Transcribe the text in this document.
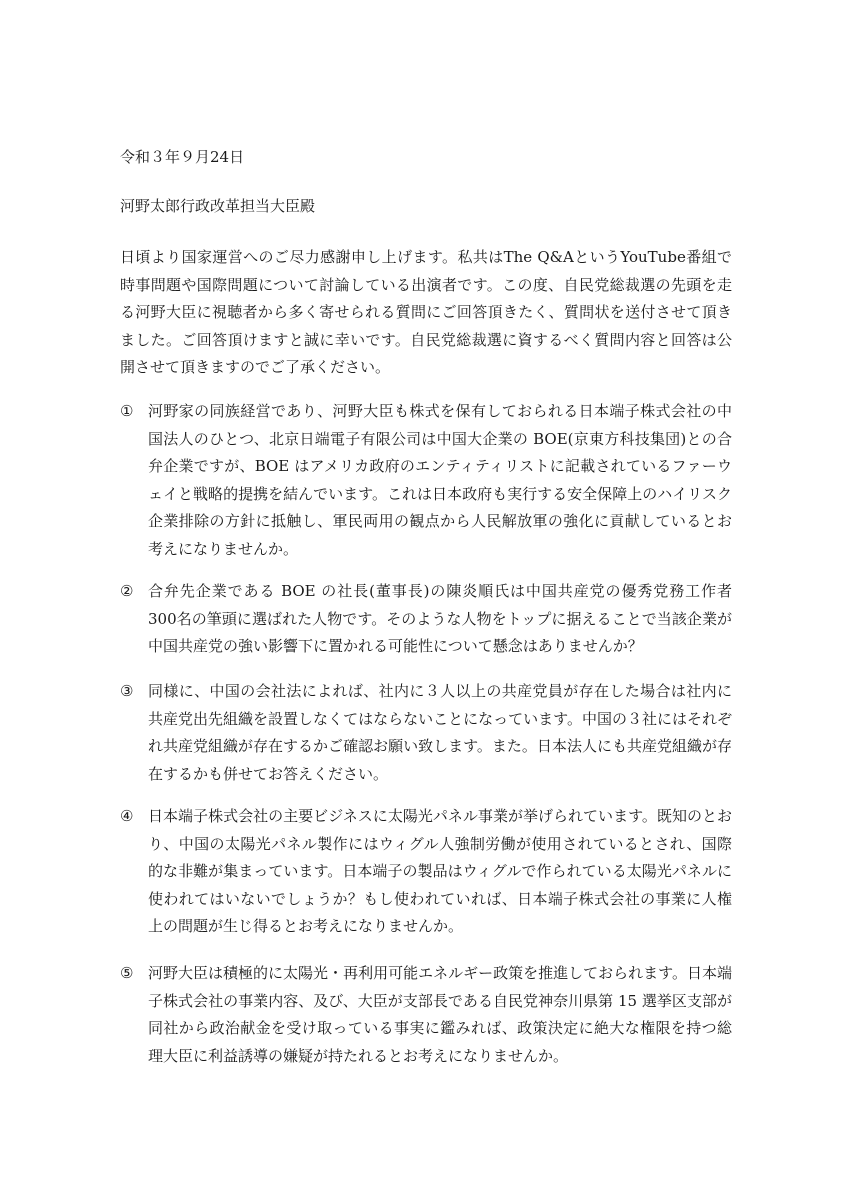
令和３年９月24日
河野太郎行政改革担当大臣殿

日頃より国家運営へのご尽力感謝申し上げます。私共はThe Q&AというYouTube番組で時事問題や国際問題について討論している出演者です。この度、自民党総裁選の先頭を走る河野大臣に視聴者から多く寄せられる質問にご回答頂きたく、質問状を送付させて頂きました。ご回答頂けますと誠に幸いです。自民党総裁選に資するべく質問内容と回答は公開させて頂きますのでご了承ください。

① 河野家の同族経営であり、河野大臣も株式を保有しておられる日本端子株式会社の中国法人のひとつ、北京日端電子有限公司は中国大企業の BOE(京東方科技集団)との合弁企業ですが、BOE はアメリカ政府のエンティティリストに記載されているファーウェイと戦略的提携を結んでいます。これは日本政府も実行する安全保障上のハイリスク企業排除の方針に抵触し、軍民両用の観点から人民解放軍の強化に貢献しているとお考えになりませんか。

② 合弁先企業である BOE の社長(董事長)の陳炎順氏は中国共産党の優秀党務工作者 300名の筆頭に選ばれた人物です。そのような人物をトップに据えることで当該企業が中国共産党の強い影響下に置かれる可能性について懸念はありませんか？

③ 同様に、中国の会社法によれば、社内に３人以上の共産党員が存在した場合は社内に共産党出先組織を設置しなくてはならないことになっています。中国の３社にはそれぞれ共産党組織が存在するかご確認お願い致します。また。日本法人にも共産党組織が存在するかも併せてお答えください。

④ 日本端子株式会社の主要ビジネスに太陽光パネル事業が挙げられています。既知のとおり、中国の太陽光パネル製作にはウィグル人強制労働が使用されているとされ、国際的な非難が集まっています。日本端子の製品はウィグルで作られている太陽光パネルに使われてはいないでしょうか？もし使われていれば、日本端子株式会社の事業に人権上の問題が生じ得るとお考えになりませんか。

⑤ 河野大臣は積極的に太陽光・再利用可能エネルギー政策を推進しておられます。日本端子株式会社の事業内容、及び、大臣が支部長である自民党神奈川県第 15 選挙区支部が同社から政治献金を受け取っている事実に鑑みれば、政策決定に絶大な権限を持つ総理大臣に利益誘導の嫌疑が持たれるとお考えになりませんか。
